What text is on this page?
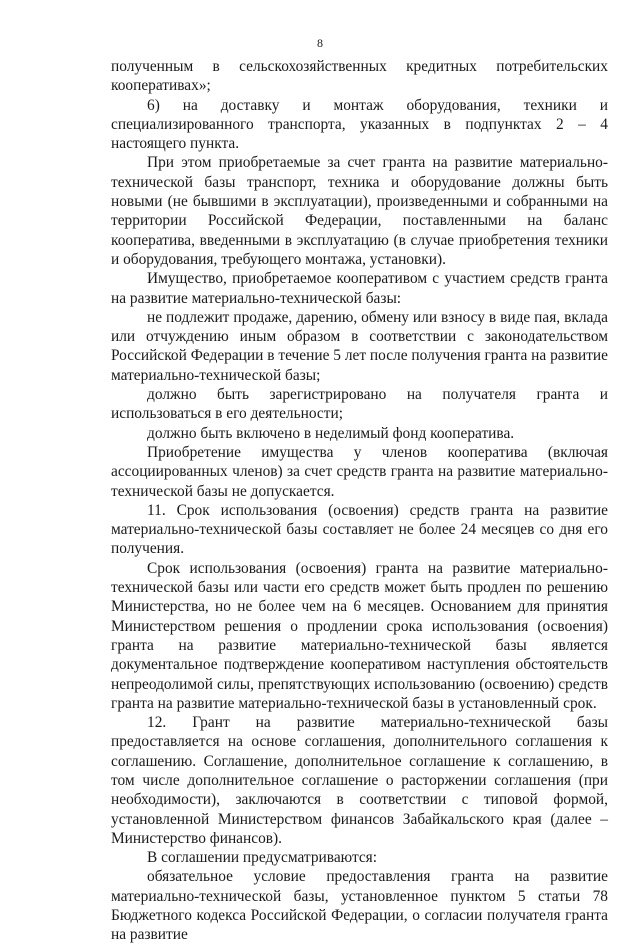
8

полученным в сельскохозяйственных кредитных потребительских кооперативах»;

6) на доставку и монтаж оборудования, техники и специализированного транспорта, указанных в подпунктах 2 – 4 настоящего пункта.

При этом приобретаемые за счет гранта на развитие материально-технической базы транспорт, техника и оборудование должны быть новыми (не бывшими в эксплуатации), произведенными и собранными на территории Российской Федерации, поставленными на баланс кооператива, введенными в эксплуатацию (в случае приобретения техники и оборудования, требующего монтажа, установки).

Имущество, приобретаемое кооперативом с участием средств гранта на развитие материально-технической базы:

не подлежит продаже, дарению, обмену или взносу в виде пая, вклада или отчуждению иным образом в соответствии с законодательством Российской Федерации в течение 5 лет после получения гранта на развитие материально-технической базы;

должно быть зарегистрировано на получателя гранта и использоваться в его деятельности;

должно быть включено в неделимый фонд кооператива.

Приобретение имущества у членов кооператива (включая ассоциированных членов) за счет средств гранта на развитие материально-технической базы не допускается.

11. Срок использования (освоения) средств гранта на развитие материально-технической базы составляет не более 24 месяцев со дня его получения.

Срок использования (освоения) гранта на развитие материально-технической базы или части его средств может быть продлен по решению Министерства, но не более чем на 6 месяцев. Основанием для принятия Министерством решения о продлении срока использования (освоения) гранта на развитие материально-технической базы является документальное подтверждение кооперативом наступления обстоятельств непреодолимой силы, препятствующих использованию (освоению) средств гранта на развитие материально-технической базы в установленный срок.

12. Грант на развитие материально-технической базы предоставляется на основе соглашения, дополнительного соглашения к соглашению. Соглашение, дополнительное соглашение к соглашению, в том числе дополнительное соглашение о расторжении соглашения (при необходимости), заключаются в соответствии с типовой формой, установленной Министерством финансов Забайкальского края (далее – Министерство финансов).

В соглашении предусматриваются:

обязательное условие предоставления гранта на развитие материально-технической базы, установленное пунктом 5 статьи 78 Бюджетного кодекса Российской Федерации, о согласии получателя гранта на развитие
